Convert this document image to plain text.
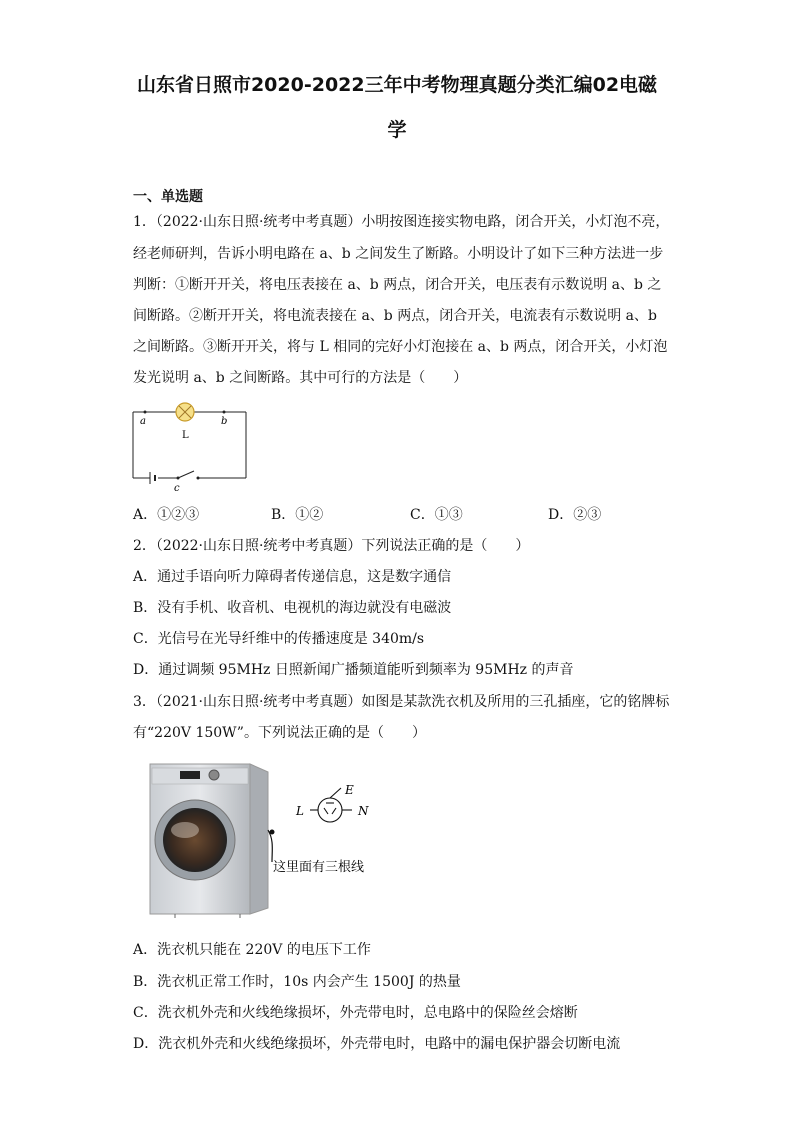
山东省日照市2020-2022三年中考物理真题分类汇编02电磁
学
一、单选题
1．（2022·山东日照·统考中考真题）小明按图连接实物电路，闭合开关，小灯泡不亮，
经老师研判，告诉小明电路在 a、b 之间发生了断路。小明设计了如下三种方法进一步
判断：①断开开关，将电压表接在 a、b 两点，闭合开关，电压表有示数说明 a、b 之
间断路。②断开开关，将电流表接在 a、b 两点，闭合开关，电流表有示数说明 a、b
之间断路。③断开开关，将与 L 相同的完好小灯泡接在 a、b 两点，闭合开关，小灯泡
发光说明 a、b 之间断路。其中可行的方法是（　　）
a	b
L
c
A．①②③	B．①②	C．①③	D．②③
2．（2022·山东日照·统考中考真题）下列说法正确的是（　　）
A．通过手语向听力障碍者传递信息，这是数字通信
B．没有手机、收音机、电视机的海边就没有电磁波
C．光信号在光导纤维中的传播速度是 340m/s
D．通过调频 95MHz 日照新闻广播频道能听到频率为 95MHz 的声音
3．（2021·山东日照·统考中考真题）如图是某款洗衣机及所用的三孔插座，它的铭牌标
有“220V 150W”。下列说法正确的是（　　）
这里面有三根线
L
E
N
A．洗衣机只能在 220V 的电压下工作
B．洗衣机正常工作时，10s 内会产生 1500J 的热量
C．洗衣机外壳和火线绝缘损坏，外壳带电时，总电路中的保险丝会熔断
D．洗衣机外壳和火线绝缘损坏，外壳带电时，电路中的漏电保护器会切断电流
